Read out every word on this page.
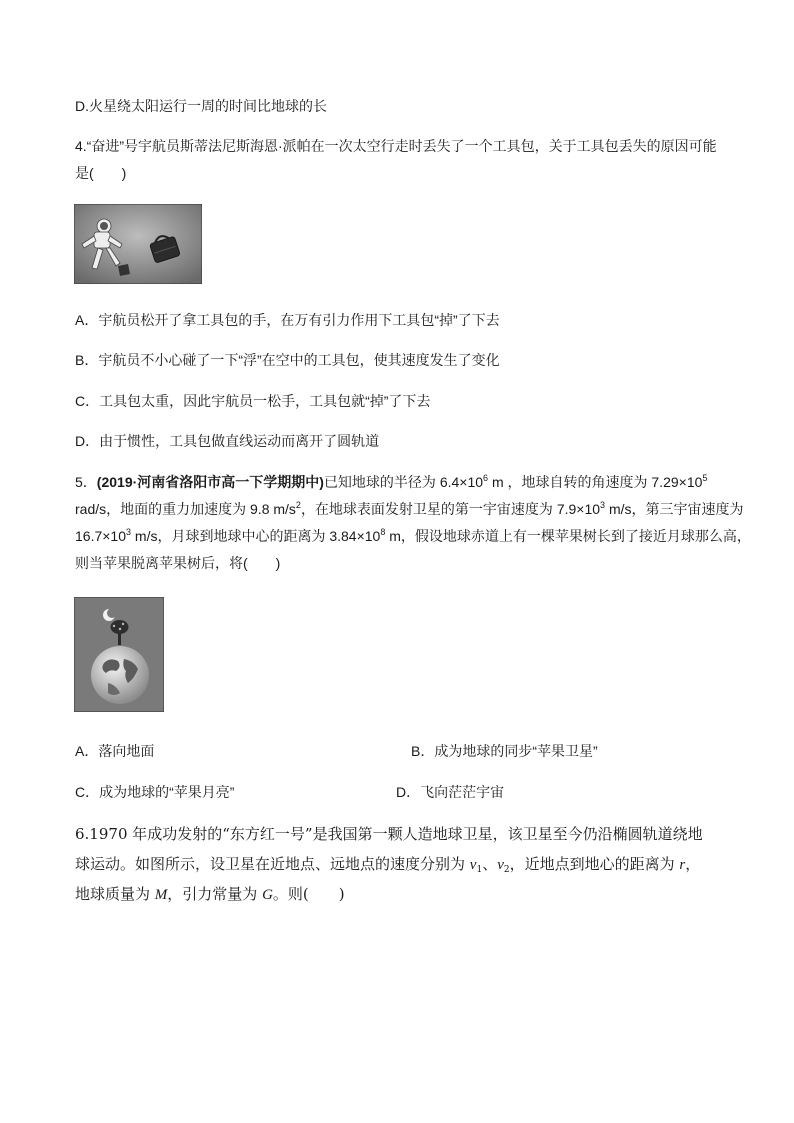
D.火星绕太阳运行一周的时间比地球的长
4.“奋进”号宇航员斯蒂法尼斯海恩·派帕在一次太空行走时丢失了一个工具包，关于工具包丢失的原因可能
是(　　)
A．宇航员松开了拿工具包的手，在万有引力作用下工具包“掉”了下去
B．宇航员不小心碰了一下“浮”在空中的工具包，使其速度发生了变化
C．工具包太重，因此宇航员一松手，工具包就“掉”了下去
D．由于惯性，工具包做直线运动而离开了圆轨道
5．(2019·河南省洛阳市高一下学期期中)已知地球的半径为 $6.4\times 10^6$ m ，地球自转的角速度为 $7.29\times 10^5$
rad/s，地面的重力加速度为 9.8 $m/s^2$，在地球表面发射卫星的第一宇宙速度为 $7.9\times 10^3$ m/s，第三宇宙速度为
$16.7\times 10^3$ m/s，月球到地球中心的距离为 $3.84\times 10^8$ m，假设地球赤道上有一棵苹果树长到了接近月球那么高，
则当苹果脱离苹果树后，将(　　)
A．落向地面	B．成为地球的同步“苹果卫星”
C．成为地球的“苹果月亮”	D．飞向茫茫宇宙
6.1970 年成功发射的“东方红一号”是我国第一颗人造地球卫星，该卫星至今仍沿椭圆轨道绕地
球运动。如图所示，设卫星在近地点、远地点的速度分别为 $v_1$、$v_2$，近地点到地心的距离为 r，
地球质量为 M，引力常量为 G。则(　　)
